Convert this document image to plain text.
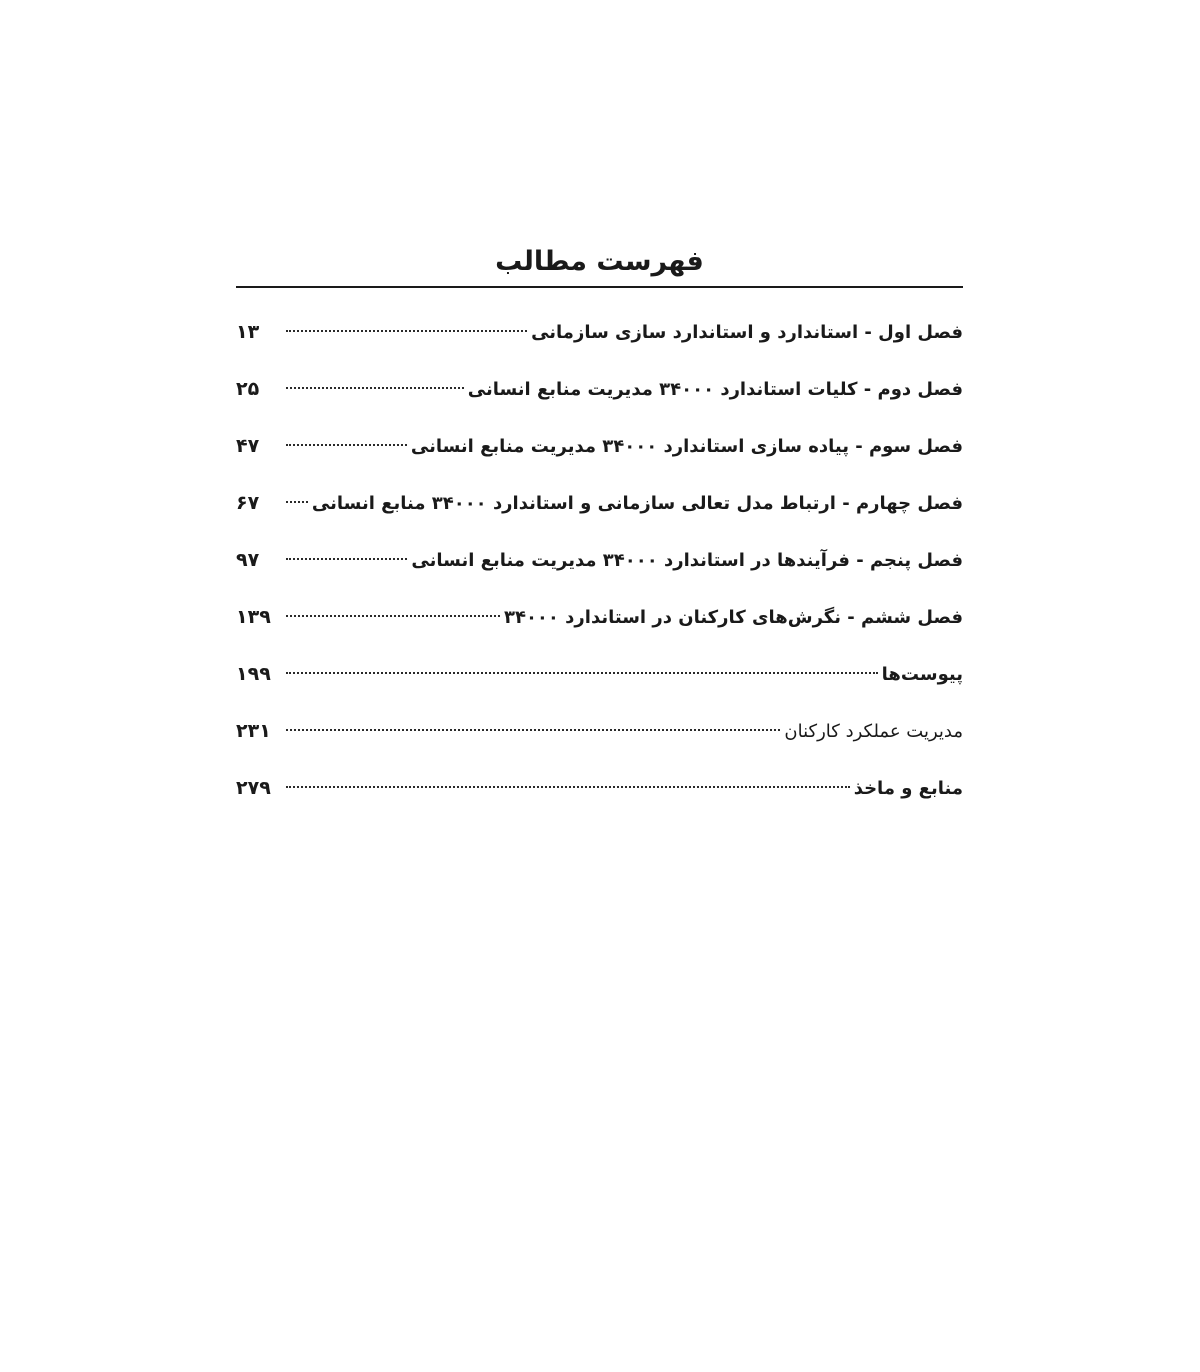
فهرست مطالب
فصل اول - استاندارد و استاندارد سازی سازمانی
۱۳
فصل دوم - کلیات استاندارد ۳۴۰۰۰ مدیریت منابع انسانی
۲۵
فصل سوم - پیاده سازی استاندارد ۳۴۰۰۰ مدیریت منابع انسانی
۴۷
فصل چهارم - ارتباط مدل تعالی سازمانی و استاندارد ۳۴۰۰۰ منابع انسانی
۶۷
فصل پنجم - فرآیندها در استاندارد ۳۴۰۰۰ مدیریت منابع انسانی
۹۷
فصل ششم - نگرش‌های کارکنان در استاندارد ۳۴۰۰۰
۱۳۹
پیوست‌ها
۱۹۹
مدیریت عملکرد کارکنان
۲۳۱
منابع و ماخذ
۲۷۹
